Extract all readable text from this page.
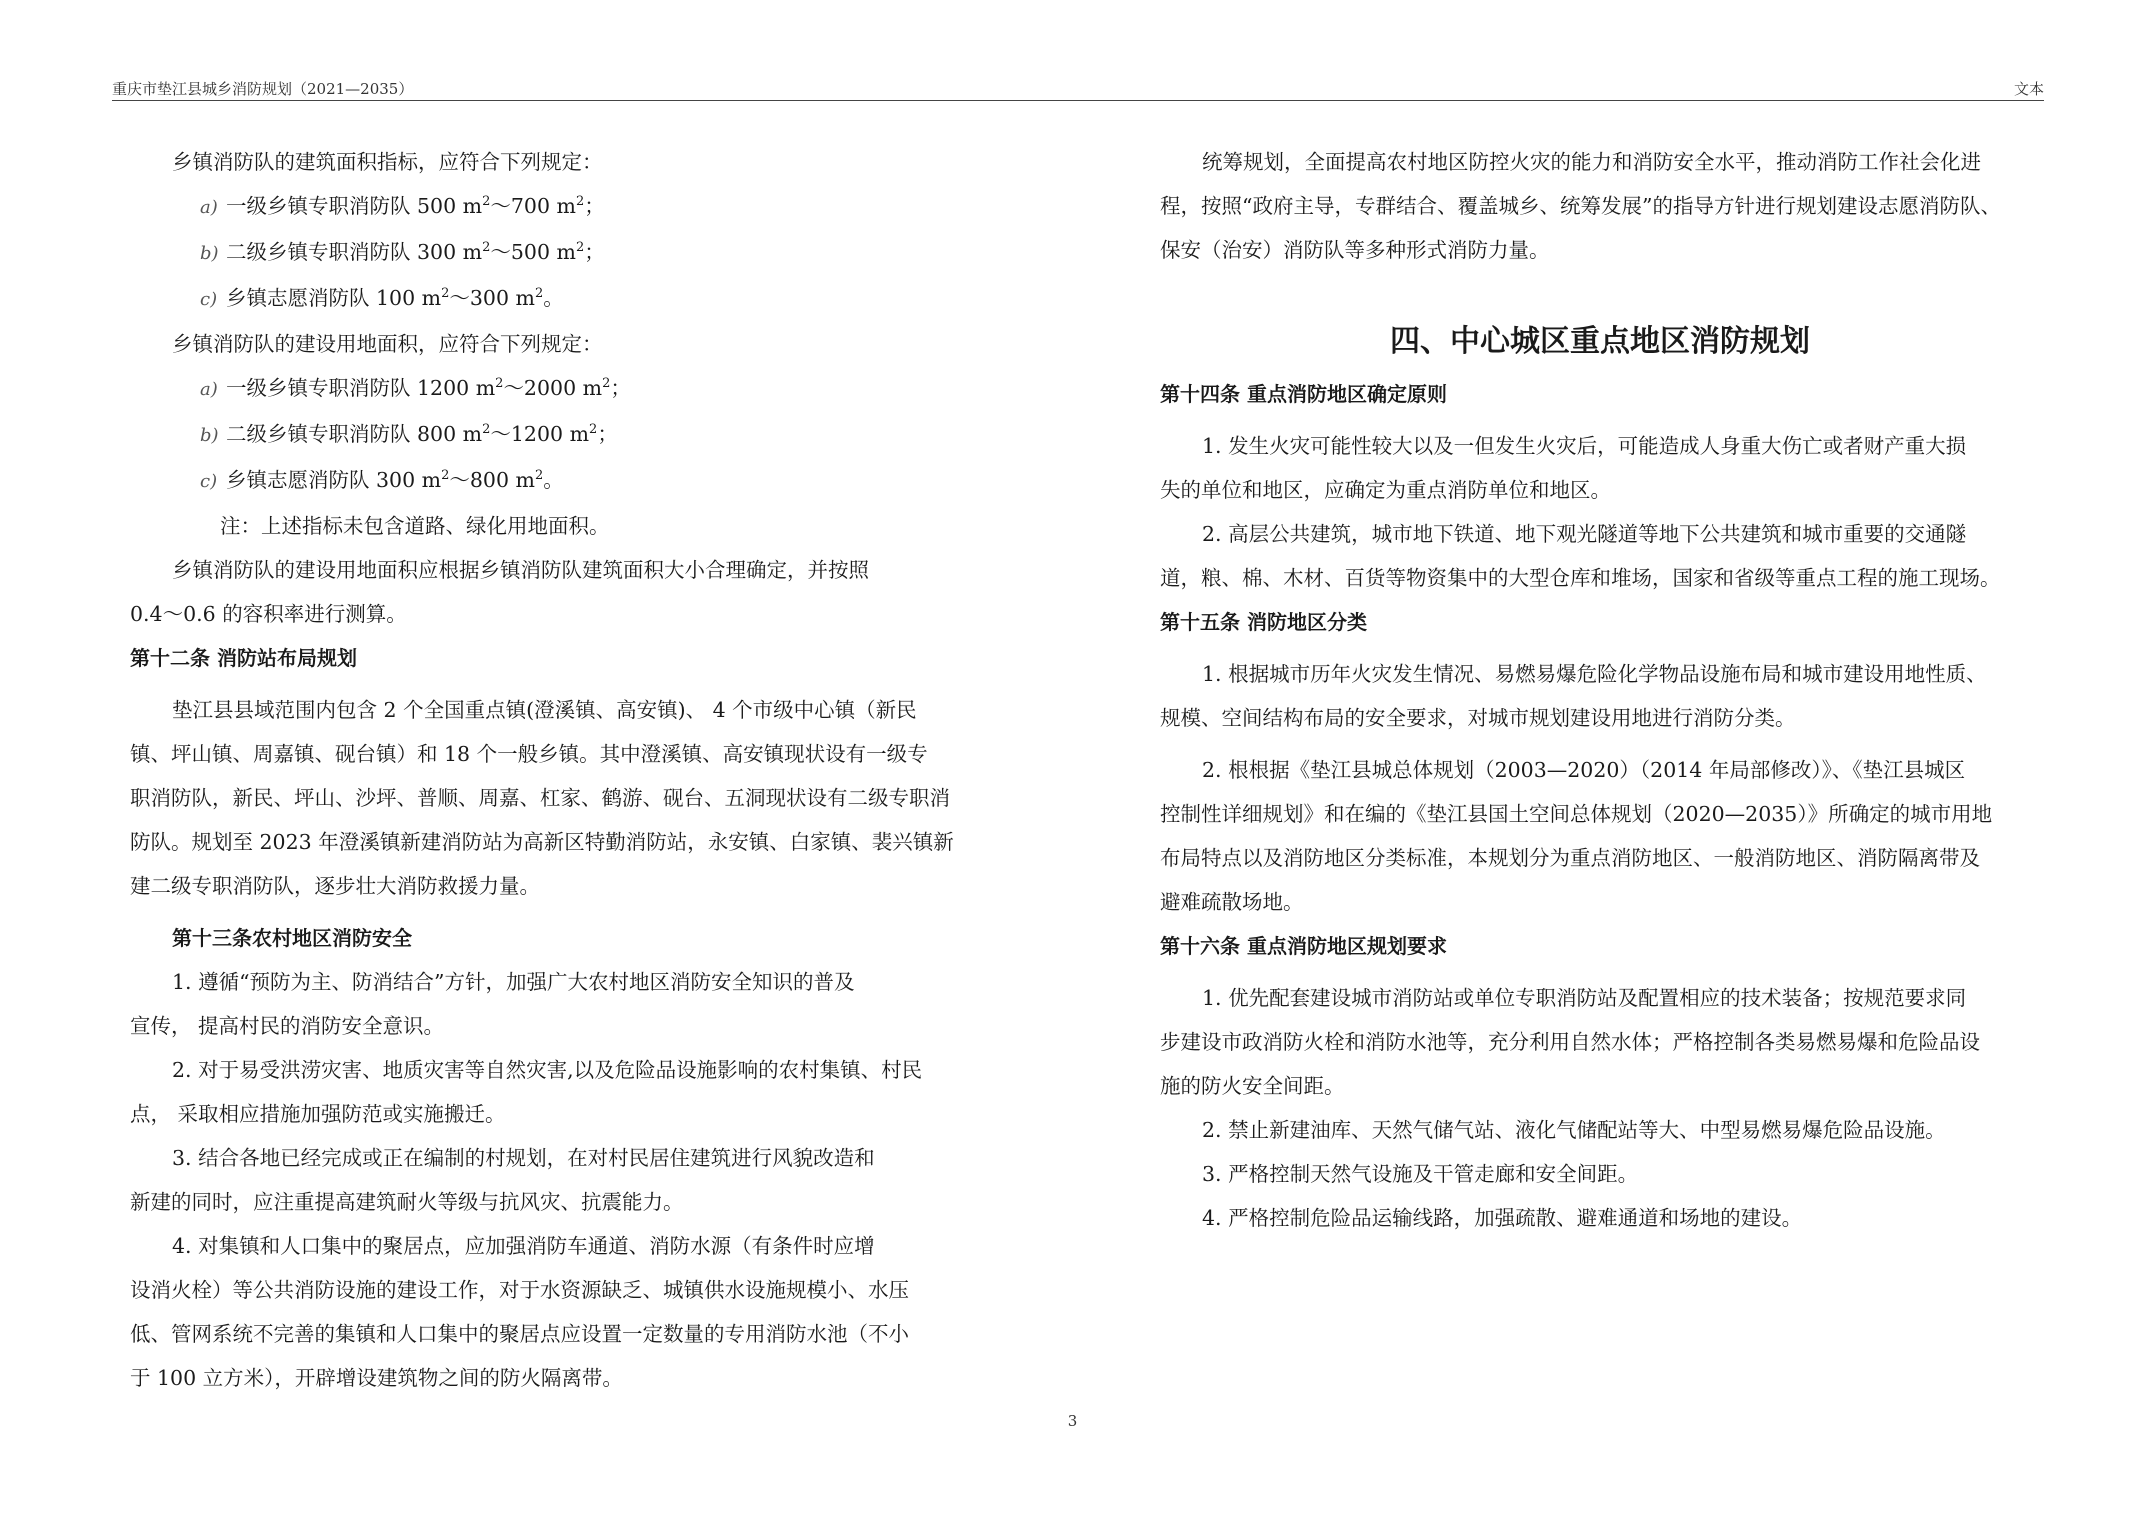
重庆市垫江县城乡消防规划（2021—2035）	文本

乡镇消防队的建筑面积指标，应符合下列规定：

a) 一级乡镇专职消防队 500 $m^2\sim 700$ $m^2$；

b) 二级乡镇专职消防队 300 $m^2\sim 500$ $m^2$；

c) 乡镇志愿消防队 100 $m^2\sim 300$ $m^2$。

乡镇消防队的建设用地面积，应符合下列规定：

a) 一级乡镇专职消防队 1200 $m^2\sim 2000$ $m^2$；

b) 二级乡镇专职消防队 800 $m^2\sim 1200$ $m^2$；

c) 乡镇志愿消防队 300 $m^2\sim 800$ $m^2$。

注：上述指标未包含道路、绿化用地面积。

乡镇消防队的建设用地面积应根据乡镇消防队建筑面积大小合理确定，并按照

0.4～0.6 的容积率进行测算。

第十二条 消防站布局规划

垫江县县域范围内包含 2 个全国重点镇(澄溪镇、高安镇)、 4 个市级中心镇（新民

镇、坪山镇、周嘉镇、砚台镇）和 18 个一般乡镇。其中澄溪镇、高安镇现状设有一级专

职消防队，新民、坪山、沙坪、普顺、周嘉、杠家、鹤游、砚台、五洞现状设有二级专职消

防队。规划至 2023 年澄溪镇新建消防站为高新区特勤消防站，永安镇、白家镇、裴兴镇新

建二级专职消防队，逐步壮大消防救援力量。

第十三条农村地区消防安全

1. 遵循“预防为主、防消结合”方针，加强广大农村地区消防安全知识的普及

宣传， 提高村民的消防安全意识。

2. 对于易受洪涝灾害、地质灾害等自然灾害,以及危险品设施影响的农村集镇、村民

点， 采取相应措施加强防范或实施搬迁。

3. 结合各地已经完成或正在编制的村规划，在对村民居住建筑进行风貌改造和

新建的同时，应注重提高建筑耐火等级与抗风灾、抗震能力。

4. 对集镇和人口集中的聚居点，应加强消防车通道、消防水源（有条件时应增

设消火栓）等公共消防设施的建设工作，对于水资源缺乏、城镇供水设施规模小、水压

低、管网系统不完善的集镇和人口集中的聚居点应设置一定数量的专用消防水池（不小

于 100 立方米），开辟增设建筑物之间的防火隔离带。

统筹规划，全面提高农村地区防控火灾的能力和消防安全水平，推动消防工作社会化进

程，按照“政府主导，专群结合、覆盖城乡、统筹发展”的指导方针进行规划建设志愿消防队、

保安（治安）消防队等多种形式消防力量。

四、中心城区重点地区消防规划

第十四条 重点消防地区确定原则

1. 发生火灾可能性较大以及一但发生火灾后，可能造成人身重大伤亡或者财产重大损

失的单位和地区，应确定为重点消防单位和地区。

2. 高层公共建筑，城市地下铁道、地下观光隧道等地下公共建筑和城市重要的交通隧

道，粮、棉、木材、百货等物资集中的大型仓库和堆场，国家和省级等重点工程的施工现场。

第十五条 消防地区分类

1. 根据城市历年火灾发生情况、易燃易爆危险化学物品设施布局和城市建设用地性质、

规模、空间结构布局的安全要求，对城市规划建设用地进行消防分类。

2. 根根据《垫江县城总体规划（2003—2020）（2014 年局部修改）》、《垫江县城区

控制性详细规划》和在编的《垫江县国土空间总体规划（2020—2035）》所确定的城市用地

布局特点以及消防地区分类标准，本规划分为重点消防地区、一般消防地区、消防隔离带及

避难疏散场地。

第十六条 重点消防地区规划要求

1. 优先配套建设城市消防站或单位专职消防站及配置相应的技术装备；按规范要求同

步建设市政消防火栓和消防水池等，充分利用自然水体；严格控制各类易燃易爆和危险品设

施的防火安全间距。

2. 禁止新建油库、天然气储气站、液化气储配站等大、中型易燃易爆危险品设施。

3. 严格控制天然气设施及干管走廊和安全间距。

4. 严格控制危险品运输线路，加强疏散、避难通道和场地的建设。

3
